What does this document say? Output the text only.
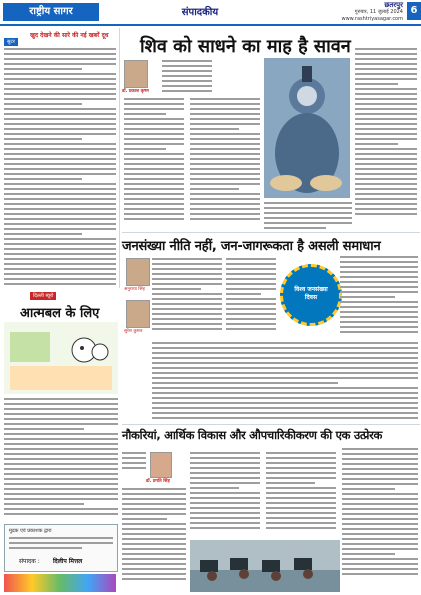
राष्ट्रीय सागर	संपादकीय
छतरपुर
गुरुवार, 11 जुलाई 2024
www.rashtriyasagar.com
6
खुद देखने की सारे की नई खबरें दूध
सुटर	शिव को साधने का माह है सावन
डॉ. प्रकाश कृष्ण
जनसंख्या नीति नहीं, जन-जागरूकता है असली समाधान
अनुराधा सिंह
सुरेश कुमार
विश्व जनसंख्या दिवस
दिल्ली ब्यूरो
आत्मबल के लिए
नौकरियां, आर्थिक विकास और औपचारिकीकरण की एक उत्प्रेरक
डॉ. प्रगति सिंह
मुद्रक एवं प्रकाशक द्वारा
संपादक : दिलीप मित्तल
